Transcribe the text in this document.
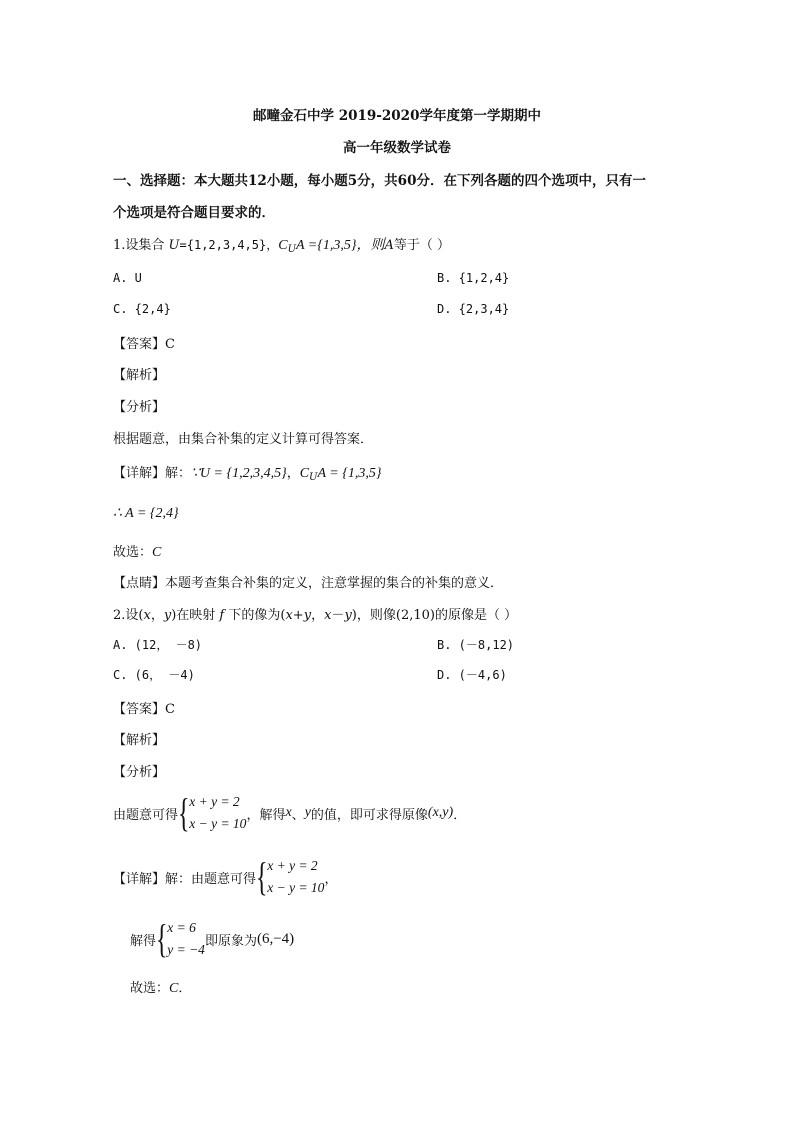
邮疃金石中学 2019-2020学年度第一学期期中
高一年级数学试卷
一、选择题：本大题共12小题，每小题5分，共60分．在下列各题的四个选项中，只有一
个选项是符合题目要求的．
1.设集合 U={1,2,3,4,5}，$C_UA =\{1,3,5\}$，则A等于（ ）
A. U	B. {1,2,4}
C. {2,4}	D. {2,3,4}
【答案】C
【解析】
【分析】
根据题意，由集合补集的定义计算可得答案．
【详解】解：∵U = {1,2,3,4,5}，$C_UA = \{1,3,5\}$
∴ A = {2,4}
故选：C
【点睛】本题考查集合补集的定义，注意掌握的集合的补集的意义．
2.设(x，y)在映射 f 下的像为(x+y，x－y)，则像(2,10)的原像是（ ）
A. (12， －8)	B. (－8,12)
C. (6， －4)	D. (－4,6)
【答案】C
【解析】
【分析】
由题意可得 { x + y = 2
x − y = 10
，解得 x 、 y 的值，即可求得原像 (x,y) ．
【详解】解：由题意可得 { x + y = 2
x − y = 10
，
解得 { x = 6
y = −4
即原象为 (6,−4)
故选：C．
